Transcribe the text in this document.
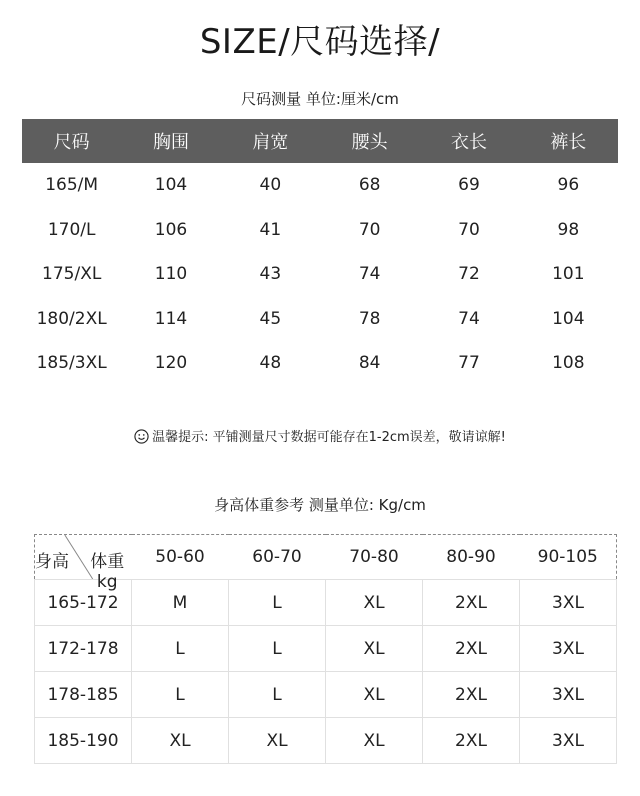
SIZE/尺码选择/
尺码测量 单位:厘米/cm
尺码	胸围	肩宽	腰头	衣长	裤长
165/M	104	40	68	69	96
170/L	106	41	70	70	98
175/XL	110	43	74	72	101
180/2XL	114	45	78	74	104
185/3XL	120	48	84	77	108
温馨提示: 平铺测量尺寸数据可能存在1-2cm误差，敬请谅解!
身高体重参考 测量单位: Kg/cm
身高 体重kg	50-60	60-70	70-80	80-90	90-105
165-172	M	L	XL	2XL	3XL
172-178	L	L	XL	2XL	3XL
178-185	L	L	XL	2XL	3XL
185-190	XL	XL	XL	2XL	3XL
